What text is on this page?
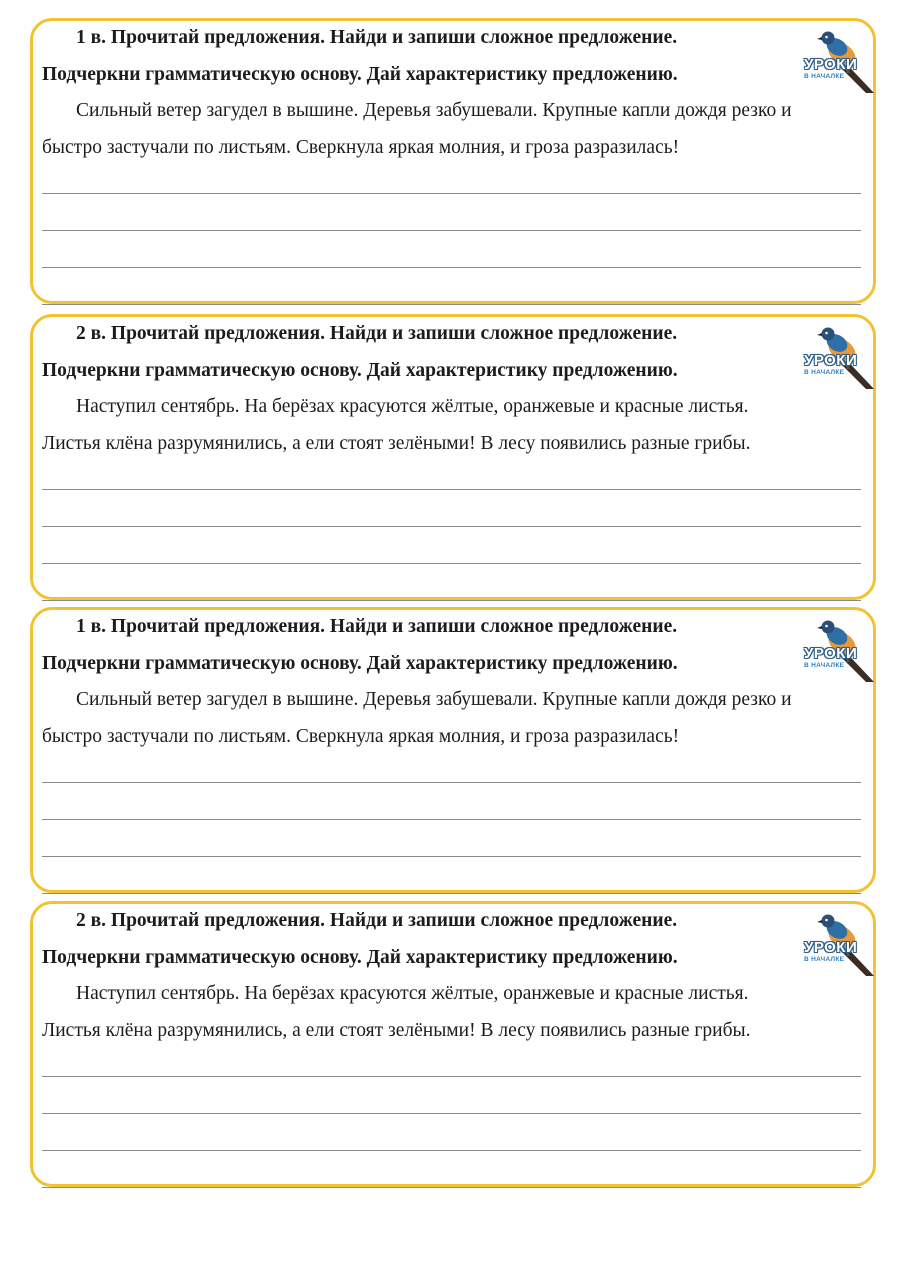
1 в. Прочитай предложения. Найди и запиши сложное предложение.
Подчеркни грамматическую основу. Дай характеристику предложению.
Сильный ветер загудел в вышине. Деревья забушевали. Крупные капли дождя резко и
быстро застучали по листьям. Сверкнула яркая молния, и гроза разразилась!
УРОКИ
В НАЧАЛКЕ
2 в. Прочитай предложения. Найди и запиши сложное предложение.
Подчеркни грамматическую основу. Дай характеристику предложению.
Наступил сентябрь. На берёзах красуются жёлтые, оранжевые и красные листья.
Листья клёна разрумянились, а ели стоят зелёными! В лесу появились разные грибы.
УРОКИ
В НАЧАЛКЕ
1 в. Прочитай предложения. Найди и запиши сложное предложение.
Подчеркни грамматическую основу. Дай характеристику предложению.
Сильный ветер загудел в вышине. Деревья забушевали. Крупные капли дождя резко и
быстро застучали по листьям. Сверкнула яркая молния, и гроза разразилась!
УРОКИ
В НАЧАЛКЕ
2 в. Прочитай предложения. Найди и запиши сложное предложение.
Подчеркни грамматическую основу. Дай характеристику предложению.
Наступил сентябрь. На берёзах красуются жёлтые, оранжевые и красные листья.
Листья клёна разрумянились, а ели стоят зелёными! В лесу появились разные грибы.
УРОКИ
В НАЧАЛКЕ
